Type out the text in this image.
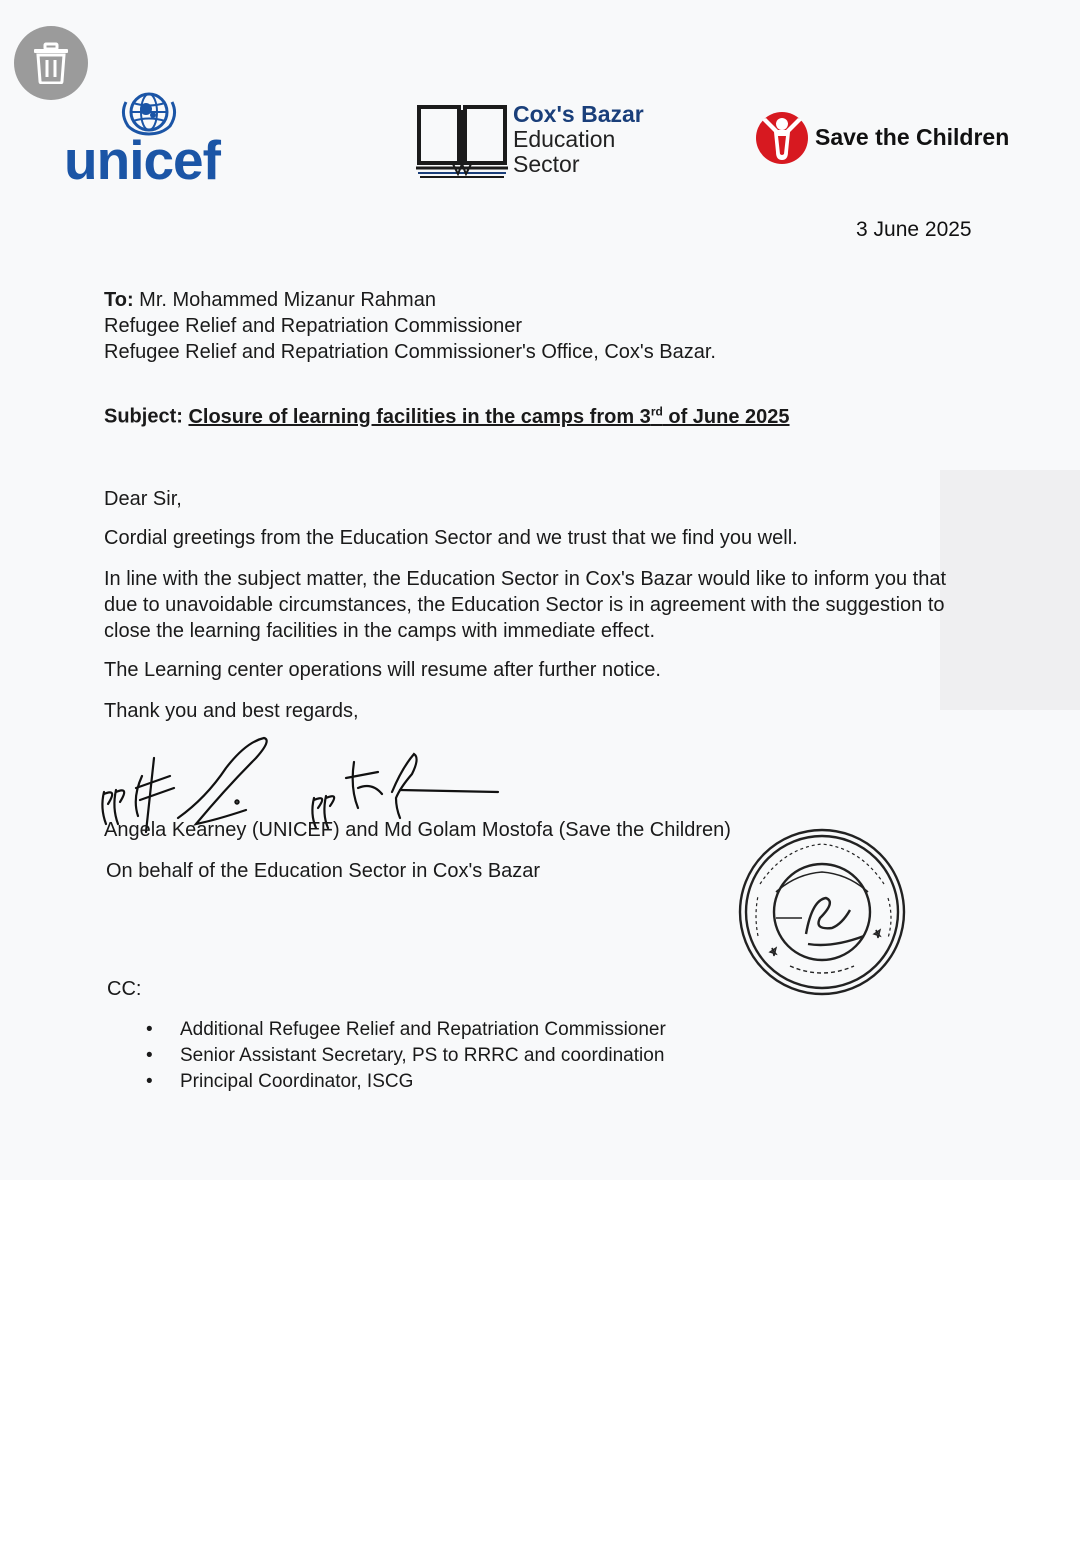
unicef
Cox's Bazar
Education
Sector
Save the Children
3 June 2025
To: Mr. Mohammed Mizanur Rahman
Refugee Relief and Repatriation Commissioner
Refugee Relief and Repatriation Commissioner's Office, Cox's Bazar.
Subject: Closure of learning facilities in the camps from 3rd of June 2025
Dear Sir,
Cordial greetings from the Education Sector and we trust that we find you well.
In line with the subject matter, the Education Sector in Cox's Bazar would like to inform you that due to unavoidable circumstances, the Education Sector is in agreement with the suggestion to close the learning facilities in the camps with immediate effect.
The Learning center operations will resume after further notice.
Thank you and best regards,
Angela Kearney (UNICEF) and Md Golam Mostofa (Save the Children)
On behalf of the Education Sector in Cox's Bazar
CC:
• Additional Refugee Relief and Repatriation Commissioner
• Senior Assistant Secretary, PS to RRRC and coordination
• Principal Coordinator, ISCG
